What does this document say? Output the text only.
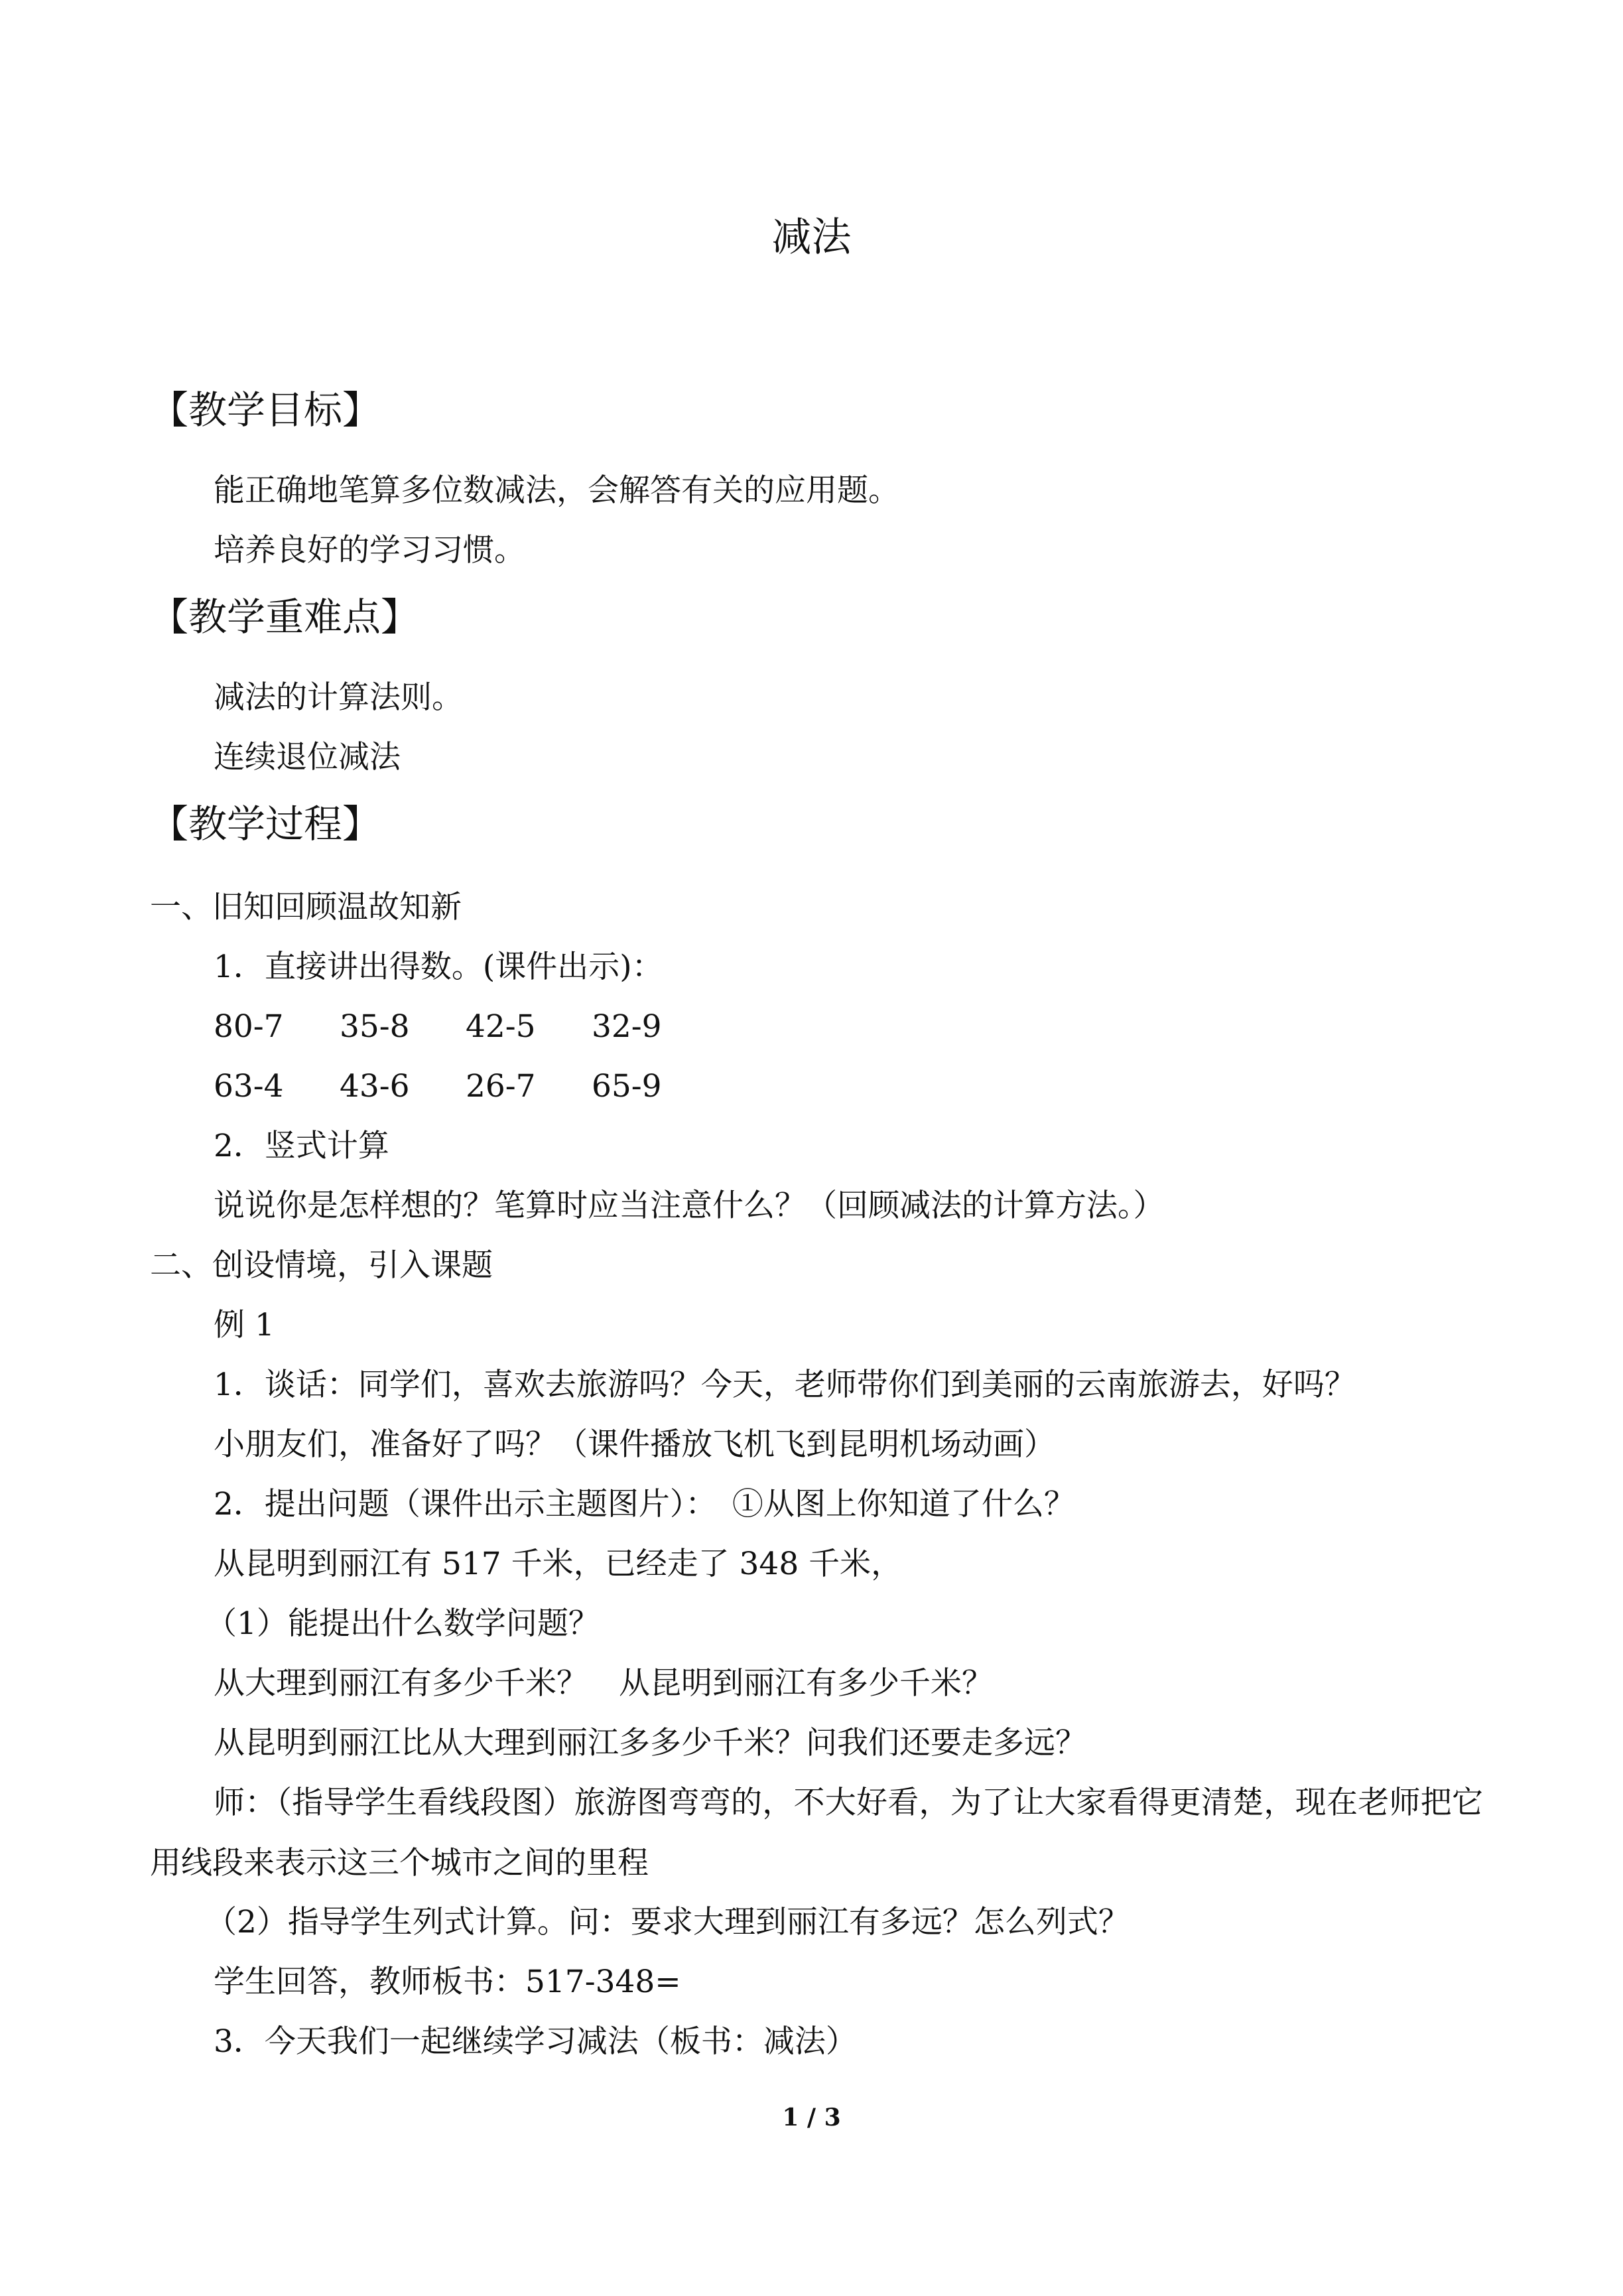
减法
【教学目标】
能正确地笔算多位数减法，会解答有关的应用题。
培养良好的学习习惯。
【教学重难点】
减法的计算法则。
连续退位减法
【教学过程】
一、旧知回顾温故知新
1．直接讲出得数。(课件出示)：
80-7 35-8 42-5 32-9
63-4 43-6 26-7 65-9
2．竖式计算
说说你是怎样想的？笔算时应当注意什么？（回顾减法的计算方法。）
二、创设情境，引入课题
例 1
1．谈话：同学们，喜欢去旅游吗？今天，老师带你们到美丽的云南旅游去，好吗？
小朋友们，准备好了吗？（课件播放飞机飞到昆明机场动画）
2．提出问题（课件出示主题图片）：　①从图上你知道了什么？
从昆明到丽江有 517 千米，已经走了 348 千米，
（1）能提出什么数学问题？
从大理到丽江有多少千米？　从昆明到丽江有多少千米？
从昆明到丽江比从大理到丽江多多少千米？问我们还要走多远？
师：（指导学生看线段图）旅游图弯弯的，不大好看，为了让大家看得更清楚，现在老师把它用线段来表示这三个城市之间的里程
（2）指导学生列式计算。问：要求大理到丽江有多远？怎么列式？
学生回答，教师板书：517-348=
3．今天我们一起继续学习减法（板书：减法）
1 / 3
